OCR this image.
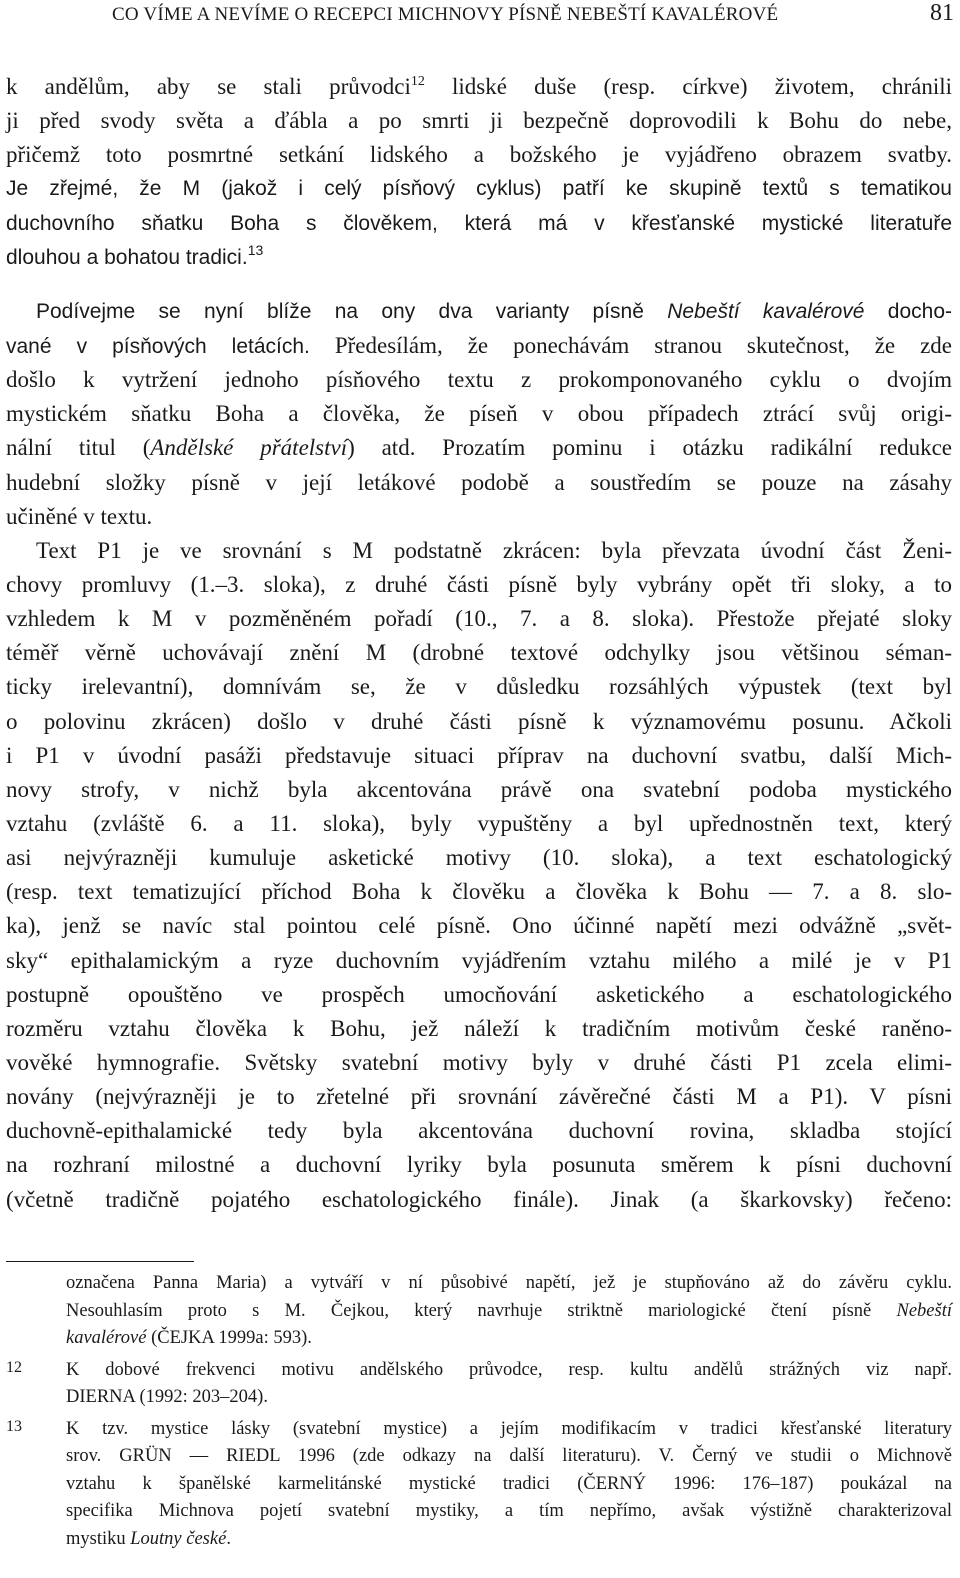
CO VÍME A NEVÍME O RECEPCI MICHNOVY PÍSNĚ NEBEŠTÍ KAVALÉROVÉ	81
k andělům, aby se stali průvodci$^{12}$ lidské duše (resp. církve) životem, chránili
ji před svody světa a ďábla a po smrti ji bezpečně doprovodili k Bohu do nebe,
přičemž toto posmrtné setkání lidského a božského je vyjádřeno obrazem svatby.
Je zřejmé, že M (jakož i celý písňový cyklus) patří ke skupině textů s tematikou
duchovního sňatku Boha s člověkem, která má v křesťanské mystické literatuře
dlouhou a bohatou tradici.$^{13}$
Podívejme se nyní blíže na ony dva varianty písně Nebeští kavalérové docho-
vané v písňových letácích. Předesílám, že ponechávám stranou skutečnost, že zde
došlo k vytržení jednoho písňového textu z prokomponovaného cyklu o dvojím
mystickém sňatku Boha a člověka, že píseň v obou případech ztrácí svůj origi-
nální titul (Andělské přátelství) atd. Prozatím pominu i otázku radikální redukce
hudební složky písně v její letákové podobě a soustředím se pouze na zásahy
učiněné v textu.
Text P1 je ve srovnání s M podstatně zkrácen: byla převzata úvodní část Ženi-
chovy promluvy (1.–3. sloka), z druhé části písně byly vybrány opět tři sloky, a to
vzhledem k M v pozměněném pořadí (10., 7. a 8. sloka). Přestože přejaté sloky
téměř věrně uchovávají znění M (drobné textové odchylky jsou většinou séman-
ticky irelevantní), domnívám se, že v důsledku rozsáhlých výpustek (text byl
o polovinu zkrácen) došlo v druhé části písně k významovému posunu. Ačkoli
i P1 v úvodní pasáži představuje situaci příprav na duchovní svatbu, další Mich-
novy strofy, v nichž byla akcentována právě ona svatební podoba mystického
vztahu (zvláště 6. a 11. sloka), byly vypuštěny a byl upřednostněn text, který
asi nejvýrazněji kumuluje asketické motivy (10. sloka), a text eschatologický
(resp. text tematizující příchod Boha k člověku a člověka k Bohu — 7. a 8. slo-
ka), jenž se navíc stal pointou celé písně. Ono účinné napětí mezi odvážně „svět-
sky“ epithalamickým a ryze duchovním vyjádřením vztahu milého a milé je v P1
postupně opouštěno ve prospěch umocňování asketického a eschatologického
rozměru vztahu člověka k Bohu, jež náleží k tradičním motivům české raněno-
vověké hymnografie. Světsky svatební motivy byly v druhé části P1 zcela elimi-
novány (nejvýrazněji je to zřetelné při srovnání závěrečné části M a P1). V písni
duchovně-epithalamické tedy byla akcentována duchovní rovina, skladba stojící
na rozhraní milostné a duchovní lyriky byla posunuta směrem k písni duchovní
(včetně tradičně pojatého eschatologického finále). Jinak (a škarkovsky) řečeno:
označena Panna Maria) a vytváří v ní působivé napětí, jež je stupňováno až do závěru cyklu.
Nesouhlasím proto s M. Čejkou, který navrhuje striktně mariologické čtení písně Nebeští
kavalérové (ČEJKA 1999a: 593).
12 K dobové frekvenci motivu andělského průvodce, resp. kultu andělů strážných viz např.
DIERNA (1992: 203–204).
13 K tzv. mystice lásky (svatební mystice) a jejím modifikacím v tradici křesťanské literatury
srov. GRÜN — RIEDL 1996 (zde odkazy na další literaturu). V. Černý ve studii o Michnově
vztahu k španělské karmelitánské mystické tradici (ČERNÝ 1996: 176–187) poukázal na
specifika Michnova pojetí svatební mystiky, a tím nepřímo, avšak výstižně charakterizoval
mystiku Loutny české.
